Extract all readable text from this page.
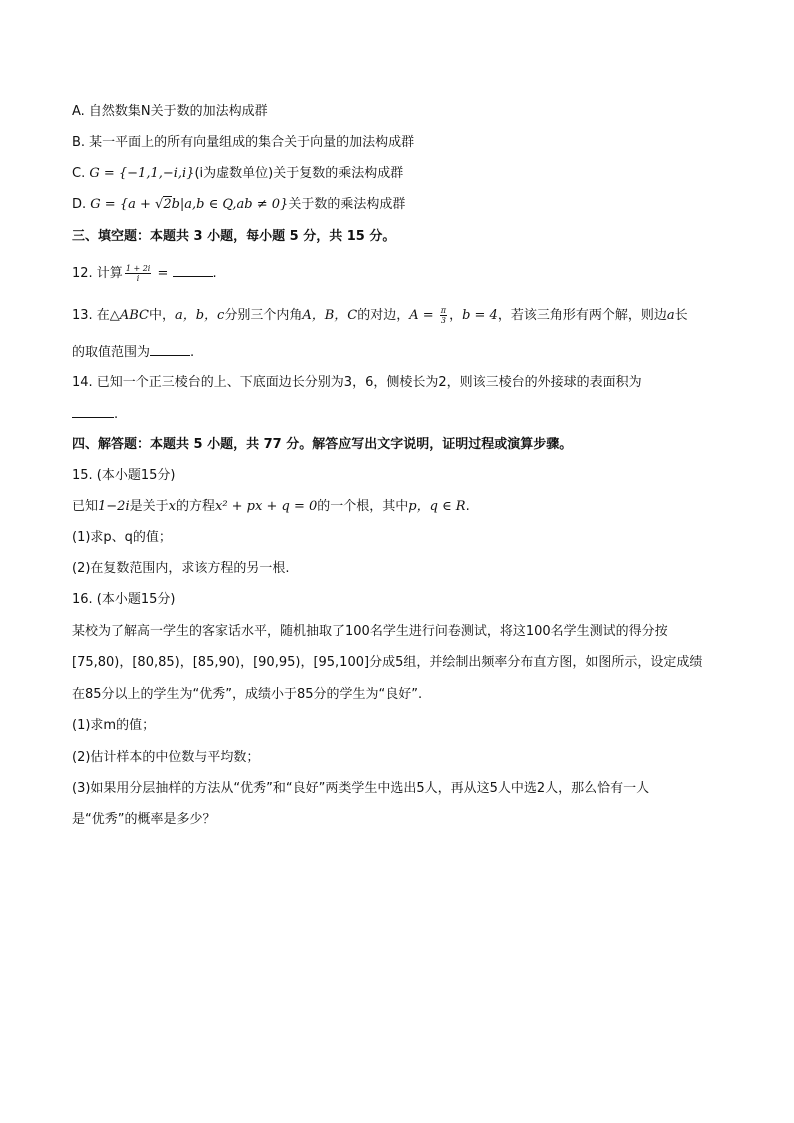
A. 自然数集N关于数的加法构成群
B. 某一平面上的所有向量组成的集合关于向量的加法构成群
C. G = {−1,1,−i,i}(i为虚数单位)关于复数的乘法构成群
D. G = {a + √2b|a,b ∈ Q,ab ≠ 0}关于数的乘法构成群
三、填空题：本题共 3 小题，每小题 5 分，共 15 分。
12. 计算 $\frac{1 + 2i}{i}$ =	.
13. 在△ABC中，a，b，c分别三个内角A，B，C的对边，$A = \frac{\pi}{3}$ ，b = 4，若该三角形有两个解，则边a长
的取值范围为	.
14. 已知一个正三棱台的上、下底面边长分别为3，6，侧棱长为2，则该三棱台的外接球的表面积为
.
四、解答题：本题共 5 小题，共 77 分。解答应写出文字说明，证明过程或演算步骤。
15. (本小题15分)
已知1−2i是关于x的方程x² + px + q = 0的一个根，其中p，q ∈ R.
(1)求p、q的值；
(2)在复数范围内，求该方程的另一根.
16. (本小题15分)
某校为了解高一学生的客家话水平，随机抽取了100名学生进行问卷测试，将这100名学生测试的得分按
[75,80)，[80,85)，[85,90)，[90,95)，[95,100]分成5组，并绘制出频率分布直方图，如图所示，设定成绩
在85分以上的学生为“优秀”，成绩小于85分的学生为“良好”.
(1)求m的值；
(2)估计样本的中位数与平均数；
(3)如果用分层抽样的方法从“优秀”和“良好”两类学生中选出5人，再从这5人中选2人，那么恰有一人
是“优秀”的概率是多少？
